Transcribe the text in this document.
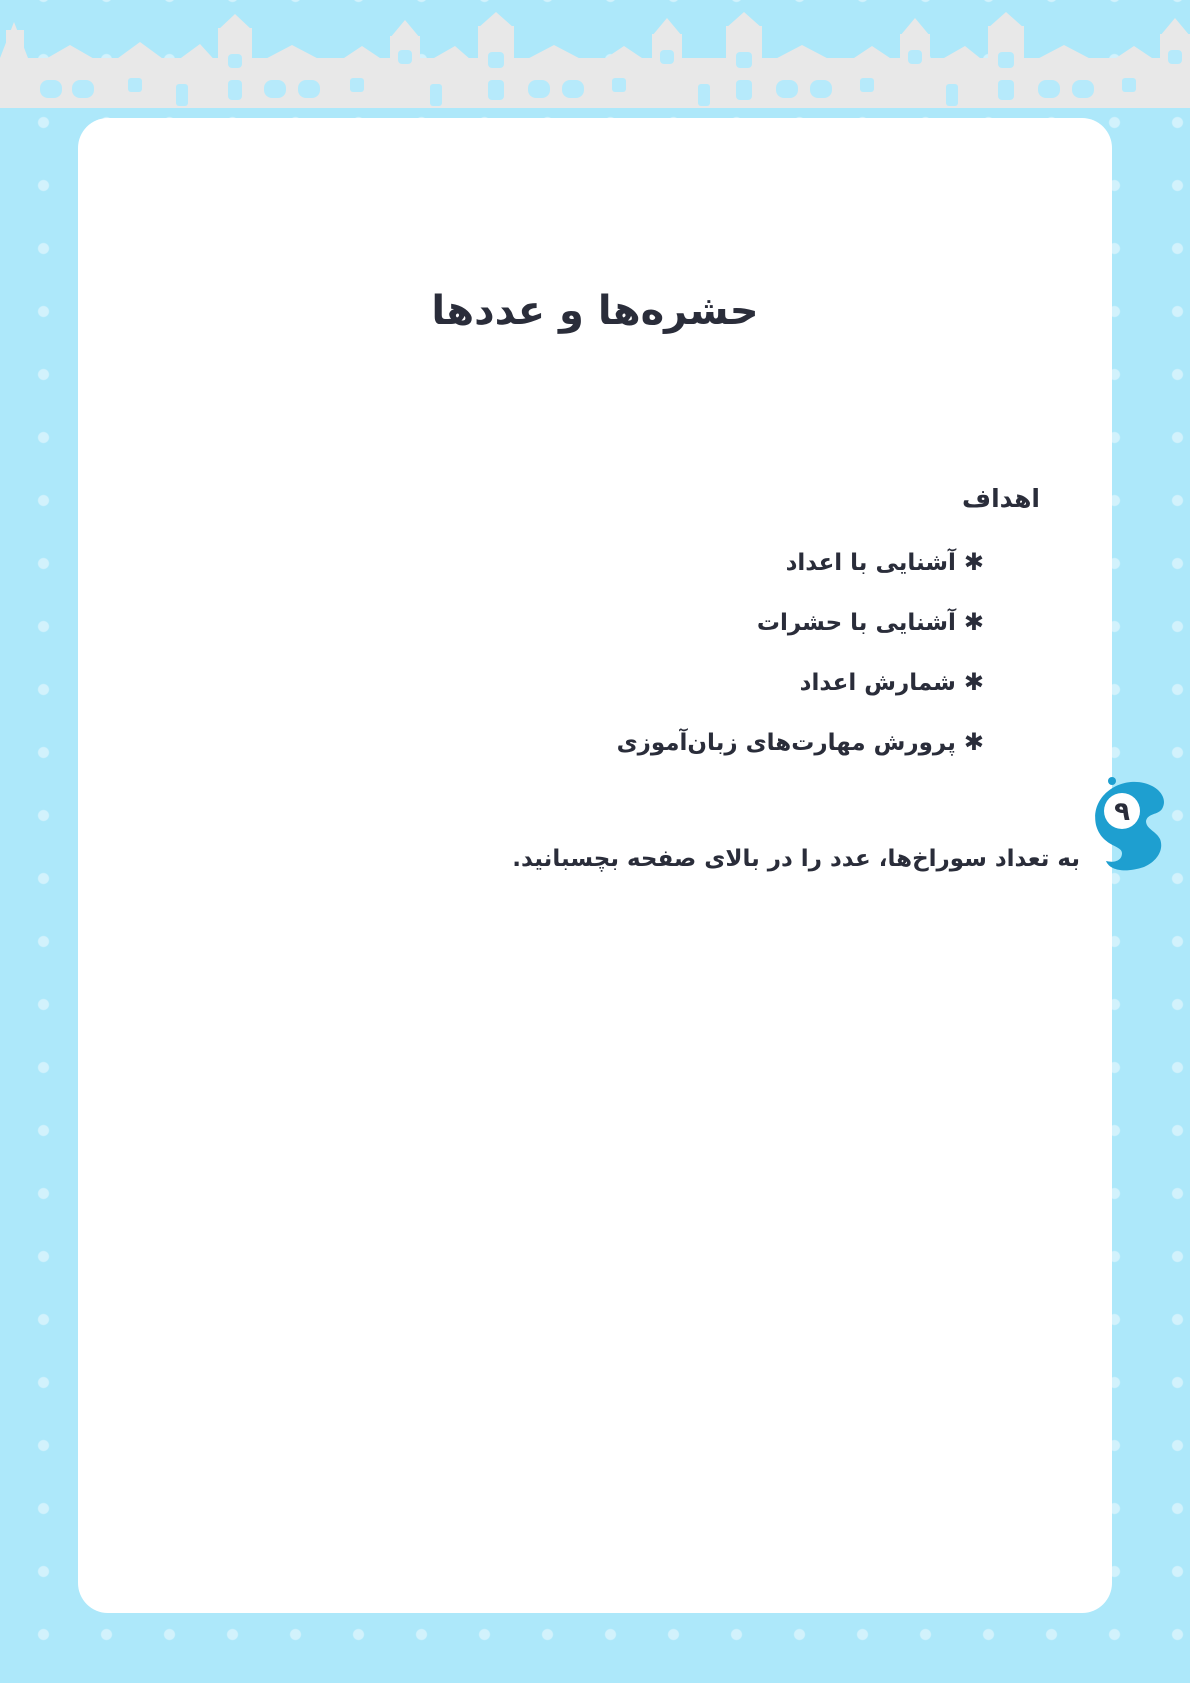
حشره‌ها و عددها
اهداف
✱آشنایی با اعداد
✱آشنایی با حشرات
✱شمارش اعداد
✱پرورش مهارت‌های زبان‌آموزی

به تعداد سوراخ‌ها، عدد را در بالای صفحه بچسبانید.

۹
